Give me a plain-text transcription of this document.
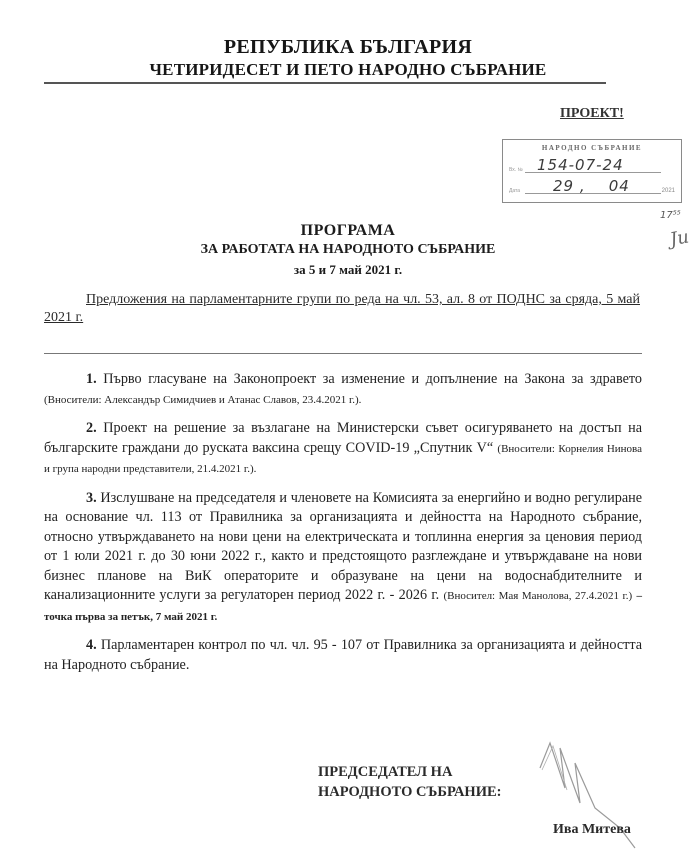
РЕПУБЛИКА БЪЛГАРИЯ
ЧЕТИРИДЕСЕТ И ПЕТО НАРОДНО СЪБРАНИЕ
ПРОЕКТ!
НАРОДНО СЪБРАНИЕ
Вх. № 154-07-24
Дата 29 ,    04	2021
17⁵⁵
Ju
ПРОГРАМА
ЗА РАБОТАТА НА НАРОДНОТО СЪБРАНИЕ
за 5 и 7 май 2021 г.
Предложения на парламентарните групи по реда на чл. 53, ал. 8 от ПОДНС за сряда, 5 май 2021 г.

1. Първо гласуване на Законопроект за изменение и допълнение на Закона за здравето (Вносители: Александър Симидчиев и Атанас Славов, 23.4.2021 г.).

2. Проект на решение за възлагане на Министерски съвет осигуряването на достъп на българските граждани до руската ваксина срещу COVID-19 „Спутник V“ (Вносители: Корнелия Нинова и група народни представители, 21.4.2021 г.).

3. Изслушване на председателя и членовете на Комисията за енергийно и водно регулиране на основание чл. 113 от Правилника за организацията и дейността на Народното събрание, относно утвърждаването на нови цени на електрическата и топлинна енергия за ценовия период от 1 юли 2021 г. до 30 юни 2022 г., както и предстоящото разглеждане и утвърждаване на нови бизнес планове на ВиК операторите и образуване на цени на водоснабдителните и канализационните услуги за регулаторен период 2022 г. - 2026 г. (Вносител: Мая Манолова, 27.4.2021 г.) – точка първа за петък, 7 май 2021 г.

4. Парламентарен контрол по чл. чл. 95 - 107 от Правилника за организацията и дейността на Народното събрание.

ПРЕДСЕДАТЕЛ НА
НАРОДНОТО СЪБРАНИЕ:
Ива Митева
